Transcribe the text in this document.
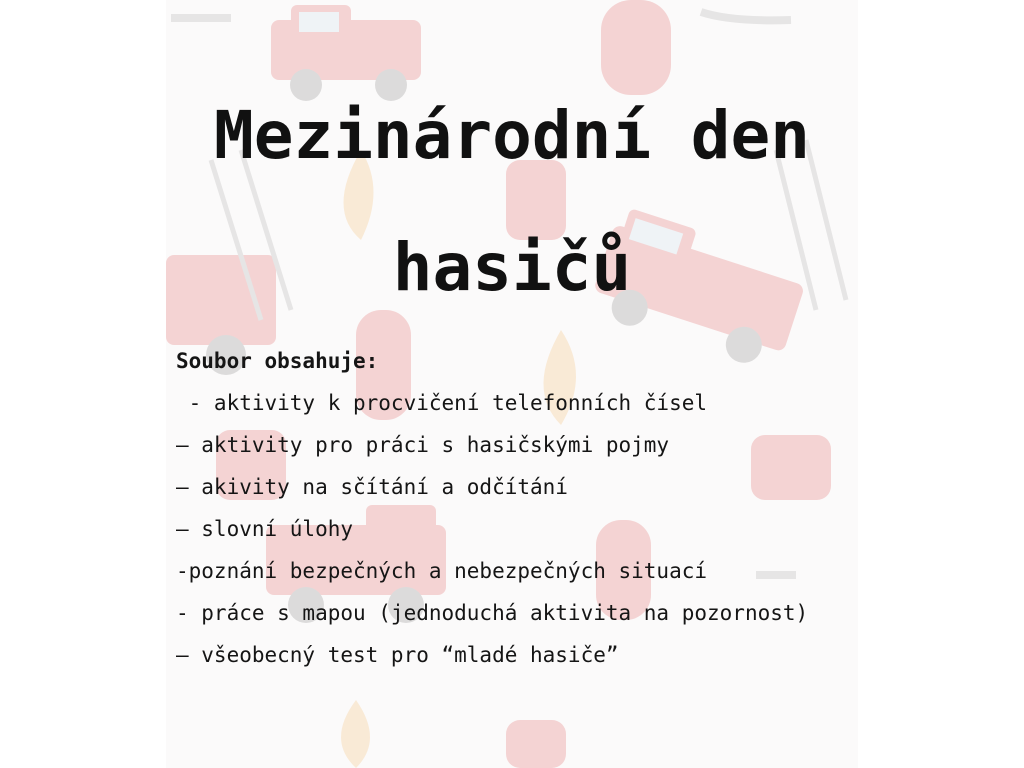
Mezinárodní den
hasičů
Soubor obsahuje:
- aktivity k procvičení telefonních čísel
– aktivity pro práci s hasičskými pojmy
– akivity na sčítání a odčítání
– slovní úlohy
-poznání bezpečných a nebezpečných situací
- práce s mapou (jednoduchá aktivita na pozornost)
– všeobecný test pro “mladé hasiče”
